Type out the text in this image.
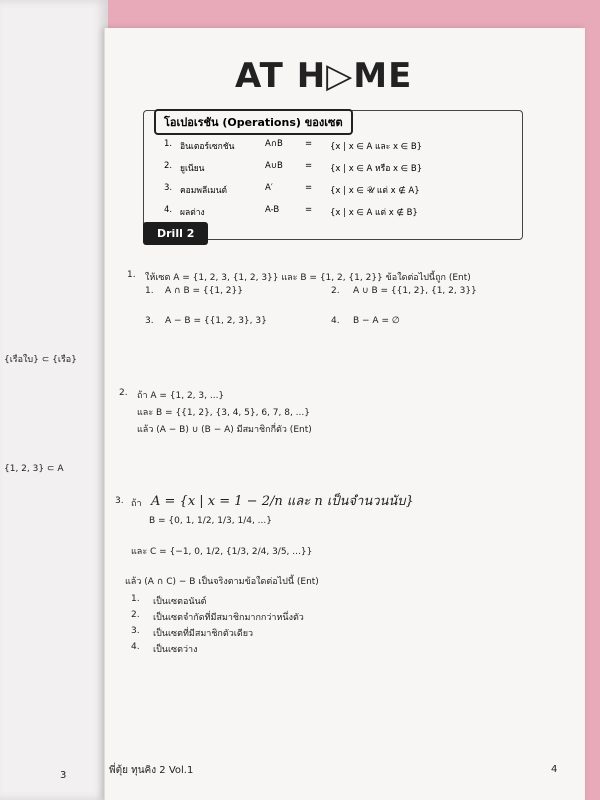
{เรือใบ} ⊂ {เรือ}
{1, 2, 3} ⊂ A
3
AT H▷ME
โอเปอเรชัน (Operations) ของเซต
1. อินเตอร์เซกชัน	A∩B	=	{x | x ∈ A และ x ∈ B}
2. ยูเนียน	A∪B	=	{x | x ∈ A หรือ x ∈ B}
3. คอมพลีเมนต์	A′	=	{x | x ∈ 𝒰 แต่ x ∉ A}
4. ผลต่าง	A-B	=	{x | x ∈ A แต่ x ∉ B}
Drill 2
1. ให้เซต A = {1, 2, 3, {1, 2, 3}} และ B = {1, 2, {1, 2}} ข้อใดต่อไปนี้ถูก (Ent)
1. A ∩ B = {{1, 2}}	2. A ∪ B = {{1, 2}, {1, 2, 3}}
3. A − B = {{1, 2, 3}, 3}	4. B − A = ∅
2. ถ้า A = {1, 2, 3, ...}
และ B = {{1, 2}, {3, 4, 5}, 6, 7, 8, ...}
แล้ว (A − B) ∪ (B − A) มีสมาชิกกี่ตัว (Ent)
3. ถ้า A = {x | x = 1 − 2/n และ n เป็นจำนวนนับ}
B = {0, 1, 1/2, 1/3, 1/4, ...}
และ C = {−1, 0, 1/2, {1/3, 2/4, 3/5, ...}}
แล้ว (A ∩ C) − B เป็นจริงตามข้อใดต่อไปนี้ (Ent)
1. เป็นเซตอนันต์
2. เป็นเซตจำกัดที่มีสมาชิกมากกว่าหนึ่งตัว
3. เป็นเซตที่มีสมาชิกตัวเดียว
4. เป็นเซตว่าง
พี่ตุ้ย ทุนคิง 2 Vol.1	4
